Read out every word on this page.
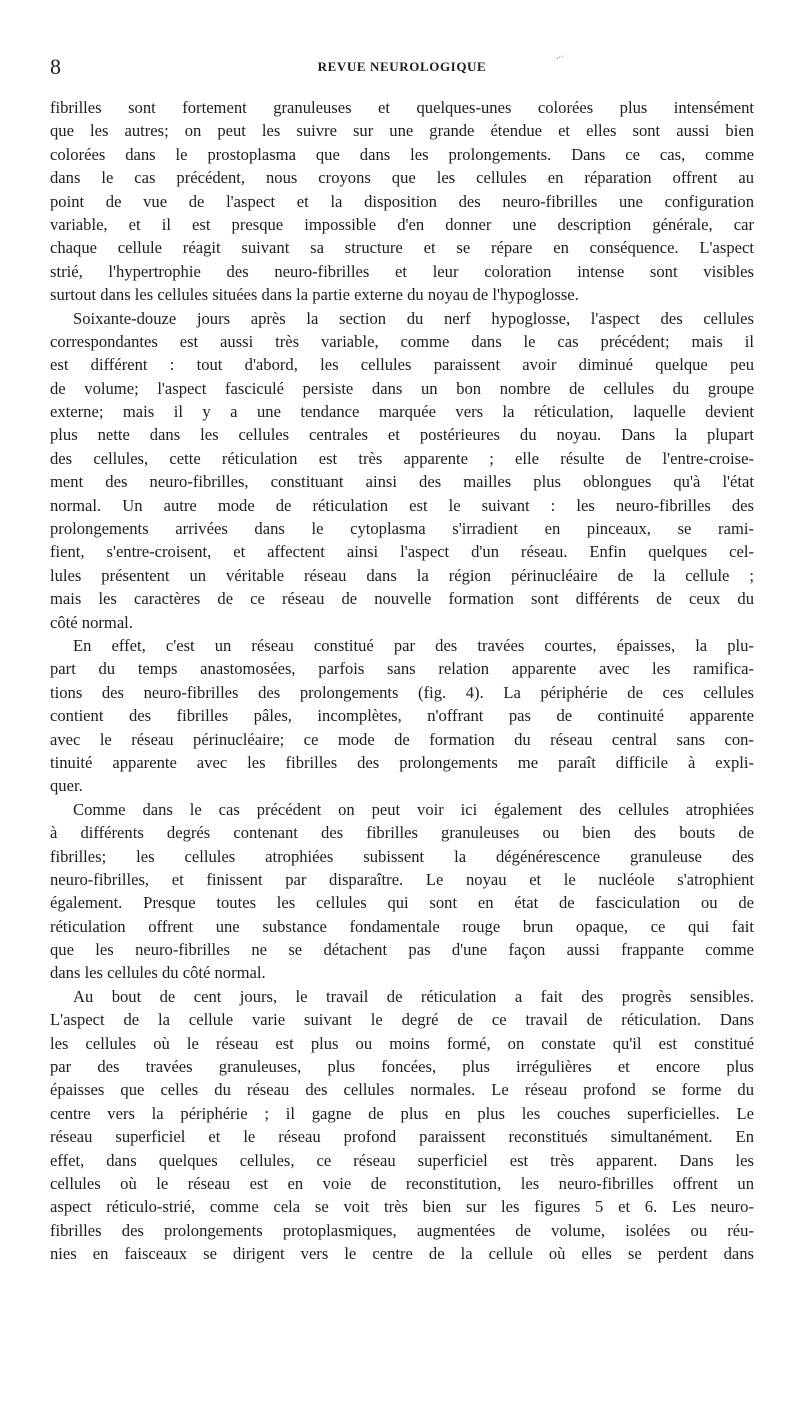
8	REVUE NEUROLOGIQUE
...
fibrilles sont fortement granuleuses et quelques-unes colorées plus intensément
que les autres; on peut les suivre sur une grande étendue et elles sont aussi bien
colorées dans le prostoplasma que dans les prolongements. Dans ce cas, comme
dans le cas précédent, nous croyons que les cellules en réparation offrent au
point de vue de l'aspect et la disposition des neuro-fibrilles une configuration
variable, et il est presque impossible d'en donner une description générale, car
chaque cellule réagit suivant sa structure et se répare en conséquence. L'aspect
strié, l'hypertrophie des neuro-fibrilles et leur coloration intense sont visibles
surtout dans les cellules situées dans la partie externe du noyau de l'hypoglosse.
Soixante-douze jours après la section du nerf hypoglosse, l'aspect des cellules
correspondantes est aussi très variable, comme dans le cas précédent; mais il
est différent : tout d'abord, les cellules paraissent avoir diminué quelque peu
de volume; l'aspect fasciculé persiste dans un bon nombre de cellules du groupe
externe; mais il y a une tendance marquée vers la réticulation, laquelle devient
plus nette dans les cellules centrales et postérieures du noyau. Dans la plupart
des cellules, cette réticulation est très apparente ; elle résulte de l'entre-croise-
ment des neuro-fibrilles, constituant ainsi des mailles plus oblongues qu'à l'état
normal. Un autre mode de réticulation est le suivant : les neuro-fibrilles des
prolongements arrivées dans le cytoplasma s'irradient en pinceaux, se rami-
fient, s'entre-croisent, et affectent ainsi l'aspect d'un réseau. Enfin quelques cel-
lules présentent un véritable réseau dans la région périnucléaire de la cellule ;
mais les caractères de ce réseau de nouvelle formation sont différents de ceux du
côté normal.
En effet, c'est un réseau constitué par des travées courtes, épaisses, la plu-
part du temps anastomosées, parfois sans relation apparente avec les ramifica-
tions des neuro-fibrilles des prolongements (fig. 4). La périphérie de ces cellules
contient des fibrilles pâles, incomplètes, n'offrant pas de continuité apparente
avec le réseau périnucléaire; ce mode de formation du réseau central sans con-
tinuité apparente avec les fibrilles des prolongements me paraît difficile à expli-
quer.
Comme dans le cas précédent on peut voir ici également des cellules atrophiées
à différents degrés contenant des fibrilles granuleuses ou bien des bouts de
fibrilles; les cellules atrophiées subissent la dégénérescence granuleuse des
neuro-fibrilles, et finissent par disparaître. Le noyau et le nucléole s'atrophient
également. Presque toutes les cellules qui sont en état de fasciculation ou de
réticulation offrent une substance fondamentale rouge brun opaque, ce qui fait
que les neuro-fibrilles ne se détachent pas d'une façon aussi frappante comme
dans les cellules du côté normal.
Au bout de cent jours, le travail de réticulation a fait des progrès sensibles.
L'aspect de la cellule varie suivant le degré de ce travail de réticulation. Dans
les cellules où le réseau est plus ou moins formé, on constate qu'il est constitué
par des travées granuleuses, plus foncées, plus irrégulières et encore plus
épaisses que celles du réseau des cellules normales. Le réseau profond se forme du
centre vers la périphérie ; il gagne de plus en plus les couches superficielles. Le
réseau superficiel et le réseau profond paraissent reconstitués simultanément. En
effet, dans quelques cellules, ce réseau superficiel est très apparent. Dans les
cellules où le réseau est en voie de reconstitution, les neuro-fibrilles offrent un
aspect réticulo-strié, comme cela se voit très bien sur les figures 5 et 6. Les neuro-
fibrilles des prolongements protoplasmiques, augmentées de volume, isolées ou réu-
nies en faisceaux se dirigent vers le centre de la cellule où elles se perdent dans
